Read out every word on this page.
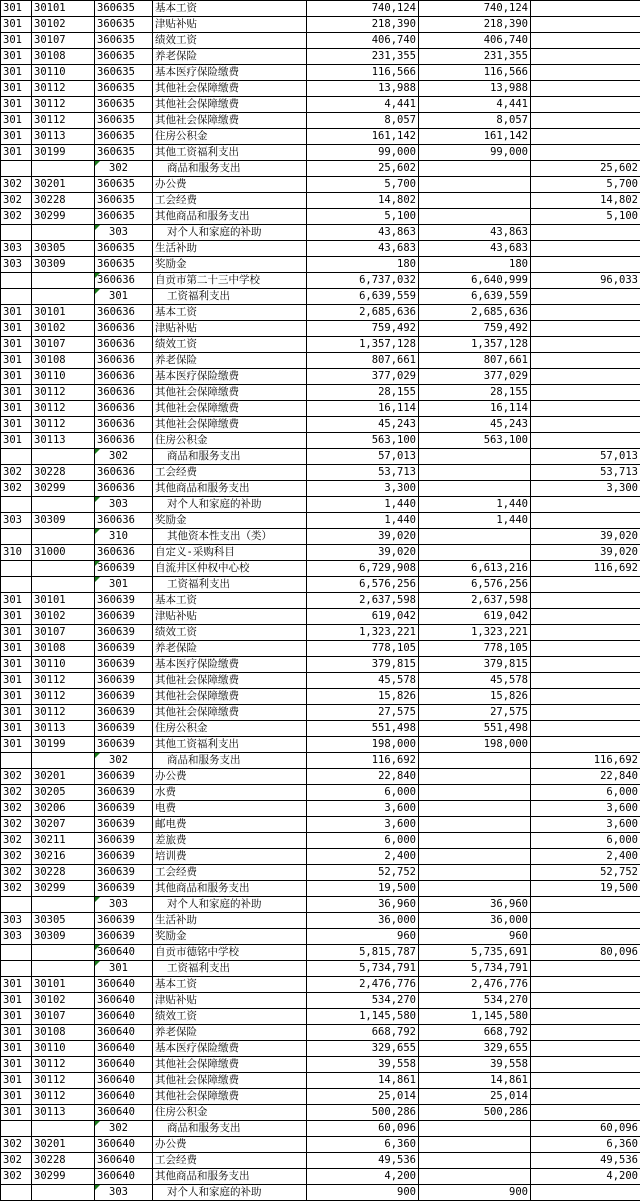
301	30101	360635	基本工资	740,124	740,124	
301	30102	360635	津贴补贴	218,390	218,390	
301	30107	360635	绩效工资	406,740	406,740	
301	30108	360635	养老保险	231,355	231,355	
301	30110	360635	基本医疗保险缴费	116,566	116,566	
301	30112	360635	其他社会保障缴费	13,988	13,988	
301	30112	360635	其他社会保障缴费	4,441	4,441	
301	30112	360635	其他社会保障缴费	8,057	8,057	
301	30113	360635	住房公积金	161,142	161,142	
301	30199	360635	其他工资福利支出	99,000	99,000	
		302	商品和服务支出	25,602		25,602
302	30201	360635	办公费	5,700		5,700
302	30228	360635	工会经费	14,802		14,802
302	30299	360635	其他商品和服务支出	5,100		5,100
		303	对个人和家庭的补助	43,863	43,863	
303	30305	360635	生活补助	43,683	43,683	
303	30309	360635	奖励金	180	180	
		360636	自贡市第二十三中学校	6,737,032	6,640,999	96,033
		301	工资福利支出	6,639,559	6,639,559	
301	30101	360636	基本工资	2,685,636	2,685,636	
301	30102	360636	津贴补贴	759,492	759,492	
301	30107	360636	绩效工资	1,357,128	1,357,128	
301	30108	360636	养老保险	807,661	807,661	
301	30110	360636	基本医疗保险缴费	377,029	377,029	
301	30112	360636	其他社会保障缴费	28,155	28,155	
301	30112	360636	其他社会保障缴费	16,114	16,114	
301	30112	360636	其他社会保障缴费	45,243	45,243	
301	30113	360636	住房公积金	563,100	563,100	
		302	商品和服务支出	57,013		57,013
302	30228	360636	工会经费	53,713		53,713
302	30299	360636	其他商品和服务支出	3,300		3,300
		303	对个人和家庭的补助	1,440	1,440	
303	30309	360636	奖励金	1,440	1,440	
		310	其他资本性支出（类）	39,020		39,020
310	31000	360636	自定义-采购科目	39,020		39,020
		360639	自流井区仲权中心校	6,729,908	6,613,216	116,692
		301	工资福利支出	6,576,256	6,576,256	
301	30101	360639	基本工资	2,637,598	2,637,598	
301	30102	360639	津贴补贴	619,042	619,042	
301	30107	360639	绩效工资	1,323,221	1,323,221	
301	30108	360639	养老保险	778,105	778,105	
301	30110	360639	基本医疗保险缴费	379,815	379,815	
301	30112	360639	其他社会保障缴费	45,578	45,578	
301	30112	360639	其他社会保障缴费	15,826	15,826	
301	30112	360639	其他社会保障缴费	27,575	27,575	
301	30113	360639	住房公积金	551,498	551,498	
301	30199	360639	其他工资福利支出	198,000	198,000	
		302	商品和服务支出	116,692		116,692
302	30201	360639	办公费	22,840		22,840
302	30205	360639	水费	6,000		6,000
302	30206	360639	电费	3,600		3,600
302	30207	360639	邮电费	3,600		3,600
302	30211	360639	差旅费	6,000		6,000
302	30216	360639	培训费	2,400		2,400
302	30228	360639	工会经费	52,752		52,752
302	30299	360639	其他商品和服务支出	19,500		19,500
		303	对个人和家庭的补助	36,960	36,960	
303	30305	360639	生活补助	36,000	36,000	
303	30309	360639	奖励金	960	960	
		360640	自贡市德铭中学校	5,815,787	5,735,691	80,096
		301	工资福利支出	5,734,791	5,734,791	
301	30101	360640	基本工资	2,476,776	2,476,776	
301	30102	360640	津贴补贴	534,270	534,270	
301	30107	360640	绩效工资	1,145,580	1,145,580	
301	30108	360640	养老保险	668,792	668,792	
301	30110	360640	基本医疗保险缴费	329,655	329,655	
301	30112	360640	其他社会保障缴费	39,558	39,558	
301	30112	360640	其他社会保障缴费	14,861	14,861	
301	30112	360640	其他社会保障缴费	25,014	25,014	
301	30113	360640	住房公积金	500,286	500,286	
		302	商品和服务支出	60,096		60,096
302	30201	360640	办公费	6,360		6,360
302	30228	360640	工会经费	49,536		49,536
302	30299	360640	其他商品和服务支出	4,200		4,200
		303	对个人和家庭的补助	900	900	
